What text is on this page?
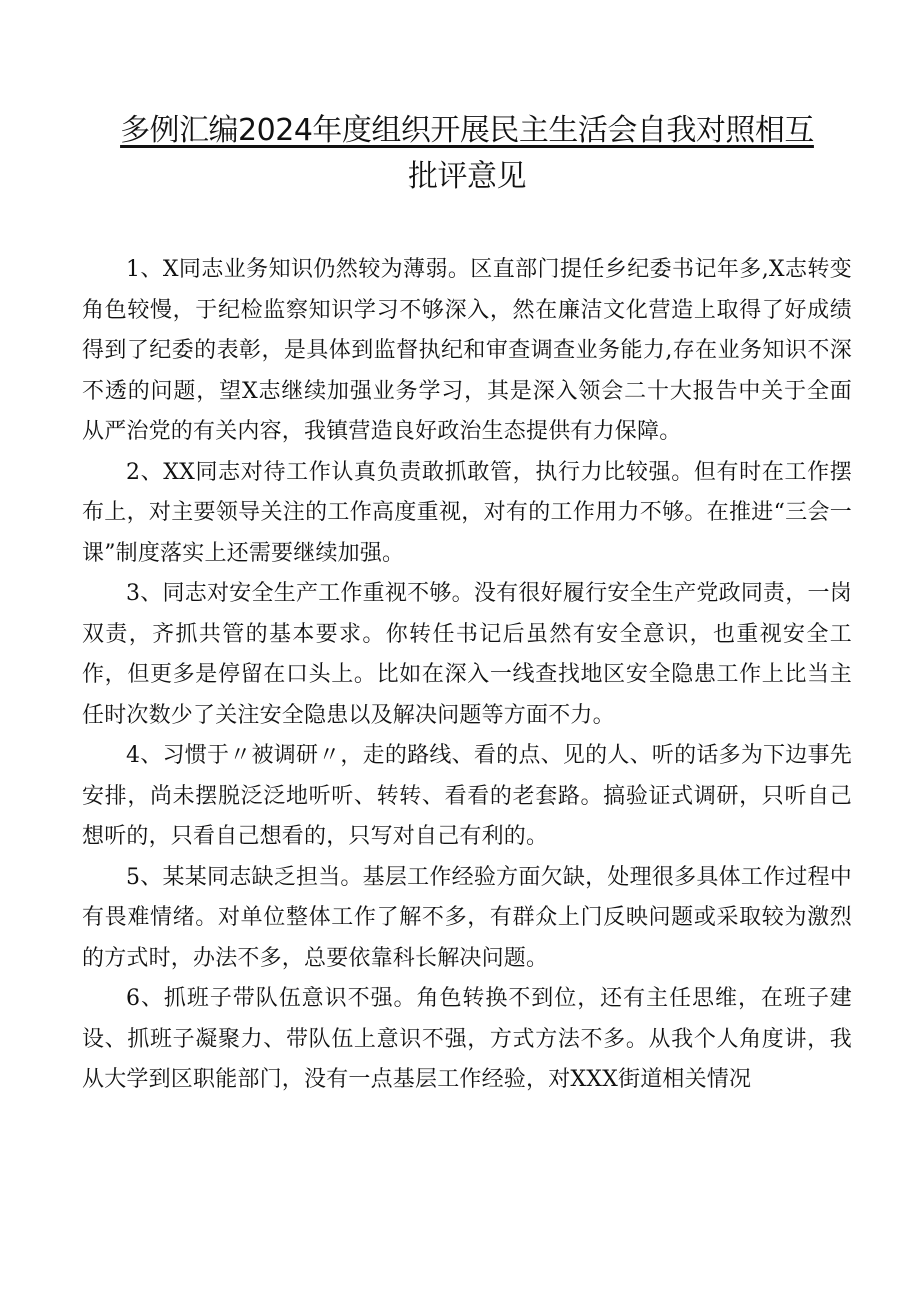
多例汇编2024年度组织开展民主生活会自我对照相互
批评意见

1、X同志业务知识仍然较为薄弱。区直部门提任乡纪委书记年多,X志转变角色较慢，于纪检监察知识学习不够深入，然在廉洁文化营造上取得了好成绩得到了纪委的表彰，是具体到监督执纪和审查调查业务能力,存在业务知识不深不透的问题，望X志继续加强业务学习，其是深入领会二十大报告中关于全面从严治党的有关内容，我镇营造良好政治生态提供有力保障。

2、XX同志对待工作认真负责敢抓敢管，执行力比较强。但有时在工作摆布上，对主要领导关注的工作高度重视，对有的工作用力不够。在推进“三会一课”制度落实上还需要继续加强。

3、同志对安全生产工作重视不够。没有很好履行安全生产党政同责，一岗双责，齐抓共管的基本要求。你转任书记后虽然有安全意识，也重视安全工作，但更多是停留在口头上。比如在深入一线查找地区安全隐患工作上比当主任时次数少了关注安全隐患以及解决问题等方面不力。

4、习惯于〃被调研〃，走的路线、看的点、见的人、听的话多为下边事先安排，尚未摆脱泛泛地听听、转转、看看的老套路。搞验证式调研，只听自己想听的，只看自己想看的，只写对自己有利的。

5、某某同志缺乏担当。基层工作经验方面欠缺，处理很多具体工作过程中有畏难情绪。对单位整体工作了解不多，有群众上门反映问题或采取较为激烈的方式时，办法不多，总要依靠科长解决问题。

6、抓班子带队伍意识不强。角色转换不到位，还有主任思维，在班子建设、抓班子凝聚力、带队伍上意识不强，方式方法不多。从我个人角度讲，我从大学到区职能部门，没有一点基层工作经验，对XXX街道相关情况
